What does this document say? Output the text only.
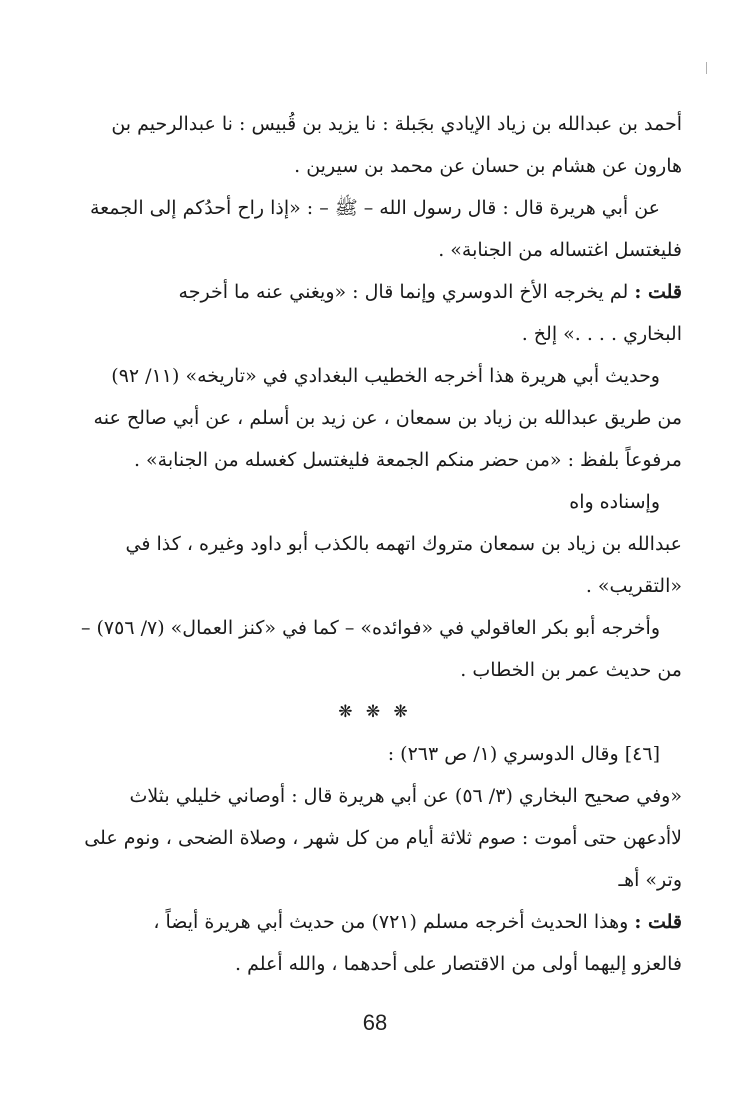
أحمد بن عبدالله بن زياد الإيادي بجَبلة : نا يزيد بن قُبيس : نا عبدالرحيم بن
هارون عن هشام بن حسان عن محمد بن سيرين .
عن أبي هريرة قال : قال رسول الله – ﷺ – : «إذا راح أحدُكم إلى الجمعة
فليغتسل اغتساله من الجنابة» .
قلت : لم يخرجه الأخ الدوسري وإنما قال : «ويغني عنه ما أخرجه
البخاري . . . .» إلخ .
وحديث أبي هريرة هذا أخرجه الخطيب البغدادي في «تاريخه» (١١/ ٩٢)
من طريق عبدالله بن زياد بن سمعان ، عن زيد بن أسلم ، عن أبي صالح عنه
مرفوعاً بلفظ : «من حضر منكم الجمعة فليغتسل كغسله من الجنابة» .
وإسناده واه
عبدالله بن زياد بن سمعان متروك اتهمه بالكذب أبو داود وغيره ، كذا في
«التقريب» .
وأخرجه أبو بكر العاقولي في «فوائده» – كما في «كنز العمال» (٧/ ٧٥٦) –
من حديث عمر بن الخطاب .
❋ ❋ ❋
[٤٦] وقال الدوسري (١/ ص ٢٦٣) :
«وفي صحيح البخاري (٣/ ٥٦) عن أبي هريرة قال : أوصاني خليلي بثلاث
لاأدعهن حتى أموت : صوم ثلاثة أيام من كل شهر ، وصلاة الضحى ، ونوم على
وتر» أهـ
قلت : وهذا الحديث أخرجه مسلم (٧٢١) من حديث أبي هريرة أيضاً ،
فالعزو إليهما أولى من الاقتصار على أحدهما ، والله أعلم .
68
